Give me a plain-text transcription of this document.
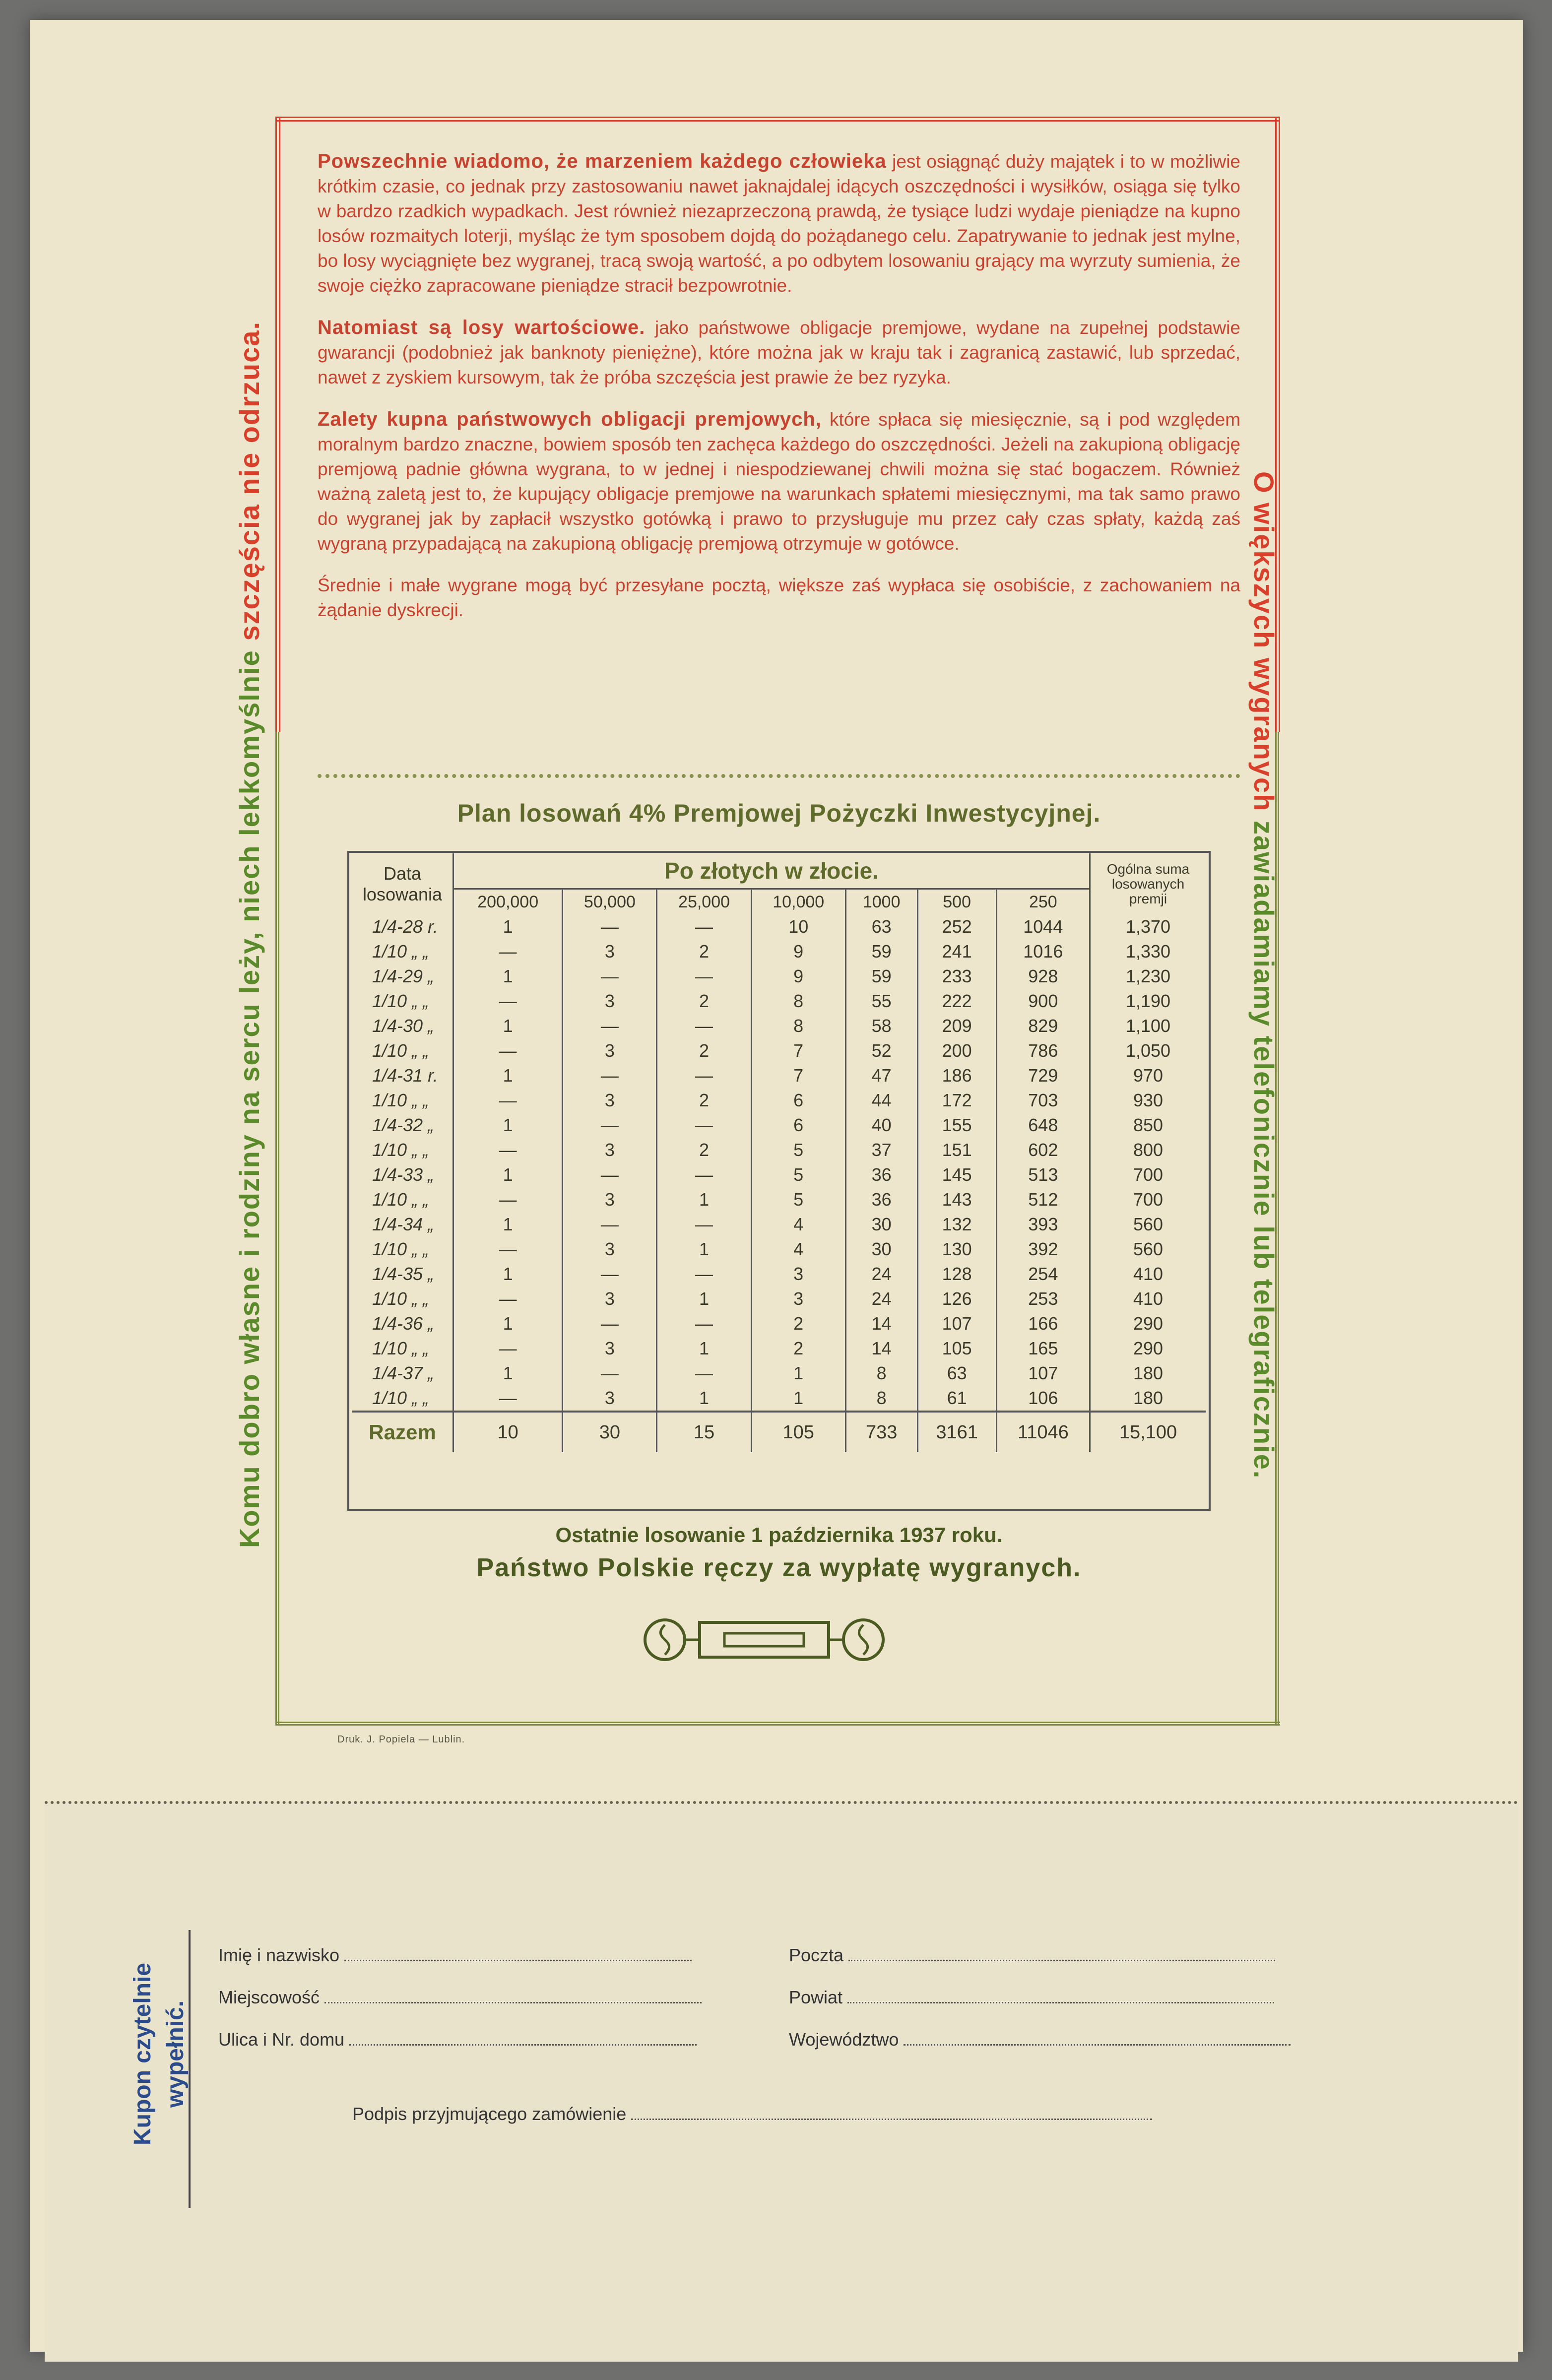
Komu dobro własne i rodziny na sercu leży, niech lekkomyślnie szczęścia nie odrzuca.	O większych wygranych zawiadamiamy telefonicznie lub telegraficznie.

Powszechnie wiadomo, że marzeniem każdego człowieka jest osiągnąć duży majątek i to w możliwie krótkim czasie, co jednak przy zastosowaniu nawet jaknajdalej idących oszczędności i wysiłków, osiąga się tylko w bardzo rzadkich wypadkach. Jest również niezaprzeczoną prawdą, że tysiące ludzi wydaje pieniądze na kupno losów rozmaitych loterji, myśląc że tym sposobem dojdą do pożądanego celu. Zapatrywanie to jednak jest mylne, bo losy wyciągnięte bez wygranej, tracą swoją wartość, a po odbytem losowaniu grający ma wyrzuty sumienia, że swoje ciężko zapracowane pieniądze stracił bezpowrotnie.

Natomiast są losy wartościowe. jako państwowe obligacje premjowe, wydane na zupełnej podstawie gwarancji (podobnież jak banknoty pieniężne), które można jak w kraju tak i zagranicą zastawić, lub sprzedać, nawet z zyskiem kursowym, tak że próba szczęścia jest prawie że bez ryzyka.

Zalety kupna państwowych obligacji premjowych, które spłaca się miesięcznie, są i pod względem moralnym bardzo znaczne, bowiem sposób ten zachęca każdego do oszczędności. Jeżeli na zakupioną obligację premjową padnie główna wygrana, to w jednej i niespodziewanej chwili można się stać bogaczem. Również ważną zaletą jest to, że kupujący obligacje premjowe na warunkach spłatemi miesięcznymi, ma tak samo prawo do wygranej jak by zapłacił wszystko gotówką i prawo to przysługuje mu przez cały czas spłaty, każdą zaś wygraną przypadającą na zakupioną obligację premjową otrzymuje w gotówce.

Średnie i małe wygrane mogą być przesyłane pocztą, większe zaś wypłaca się osobiście, z zachowaniem na żądanie dyskrecji.

Plan losowań 4% Premjowej Pożyczki Inwestycyjnej.
Data losowania	Po złotych w złocie.							Ogólna suma losowanych premji
	200,000	50,000	25,000	10,000	1000	500	250	
1/4-28 r.	1	—	—	10	63	252	1044	1,370
1/10 „ „	—	3	2	9	59	241	1016	1,330
1/4-29 „	1	—	—	9	59	233	928	1,230
1/10 „ „	—	3	2	8	55	222	900	1,190
1/4-30 „	1	—	—	8	58	209	829	1,100
1/10 „ „	—	3	2	7	52	200	786	1,050
1/4-31 r.	1	—	—	7	47	186	729	970
1/10 „ „	—	3	2	6	44	172	703	930
1/4-32 „	1	—	—	6	40	155	648	850
1/10 „ „	—	3	2	5	37	151	602	800
1/4-33 „	1	—	—	5	36	145	513	700
1/10 „ „	—	3	1	5	36	143	512	700
1/4-34 „	1	—	—	4	30	132	393	560
1/10 „ „	—	3	1	4	30	130	392	560
1/4-35 „	1	—	—	3	24	128	254	410
1/10 „ „	—	3	1	3	24	126	253	410
1/4-36 „	1	—	—	2	14	107	166	290
1/10 „ „	—	3	1	2	14	105	165	290
1/4-37 „	1	—	—	1	8	63	107	180
1/10 „ „	—	3	1	1	8	61	106	180
Razem	10	30	15	105	733	3161	11046	15,100
Ostatnie losowanie 1 października 1937 roku.
Państwo Polskie ręczy za wypłatę wygranych.
Druk. J. Popiela — Lublin.
Kupon czytelnie wypełnić.
Imię i nazwisko
Miejscowość
Ulica i Nr. domu
Poczta
Powiat
Województwo
Podpis przyjmującego zamówienie
